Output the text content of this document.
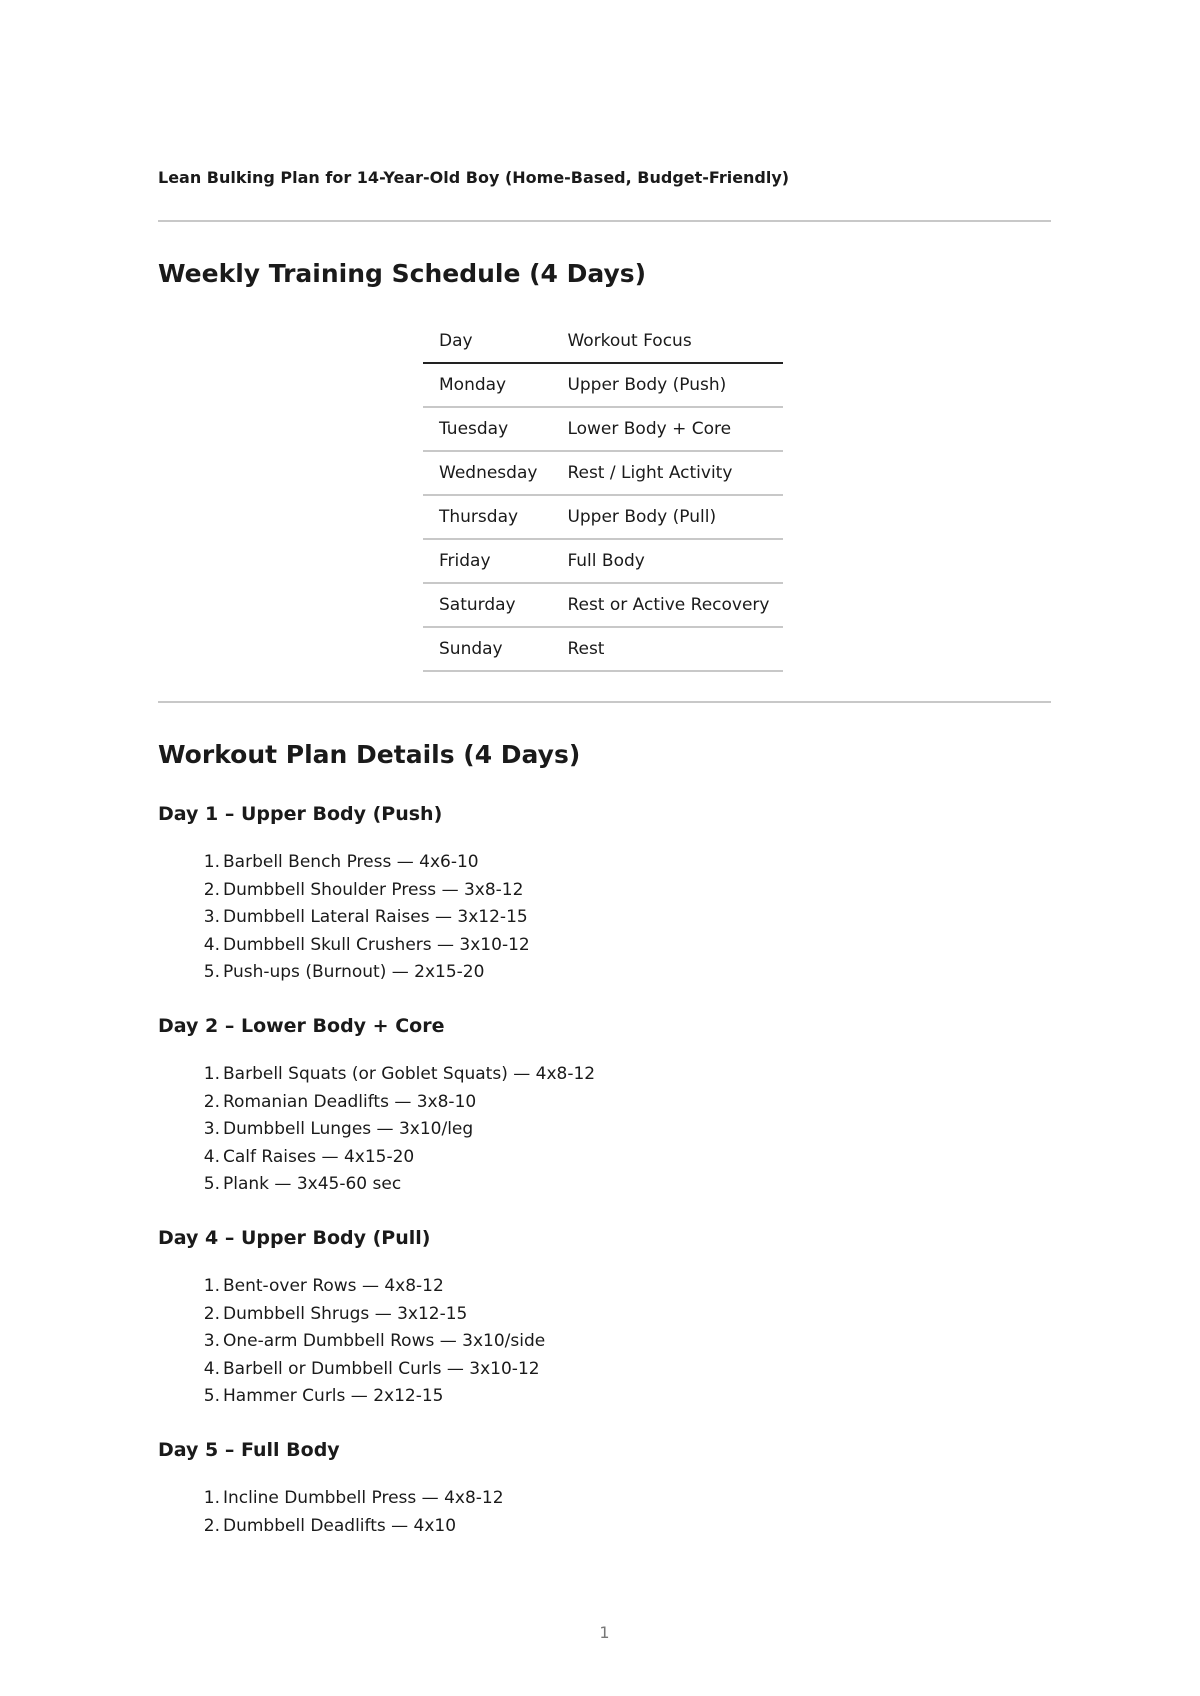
Lean Bulking Plan for 14-Year-Old Boy (Home-Based, Budget-Friendly)

Weekly Training Schedule (4 Days)
Day	Workout Focus
Monday	Upper Body (Push)
Tuesday	Lower Body + Core
Wednesday	Rest / Light Activity
Thursday	Upper Body (Pull)
Friday	Full Body
Saturday	Rest or Active Recovery
Sunday	Rest
Workout Plan Details (4 Days)
Day 1 – Upper Body (Push)
1. Barbell Bench Press — 4x6-10
2. Dumbbell Shoulder Press — 3x8-12
3. Dumbbell Lateral Raises — 3x12-15
4. Dumbbell Skull Crushers — 3x10-12
5. Push-ups (Burnout) — 2x15-20
Day 2 – Lower Body + Core
1. Barbell Squats (or Goblet Squats) — 4x8-12
2. Romanian Deadlifts — 3x8-10
3. Dumbbell Lunges — 3x10/leg
4. Calf Raises — 4x15-20
5. Plank — 3x45-60 sec
Day 4 – Upper Body (Pull)
1. Bent-over Rows — 4x8-12
2. Dumbbell Shrugs — 3x12-15
3. One-arm Dumbbell Rows — 3x10/side
4. Barbell or Dumbbell Curls — 3x10-12
5. Hammer Curls — 2x12-15
Day 5 – Full Body
1. Incline Dumbbell Press — 4x8-12
2. Dumbbell Deadlifts — 4x10
1
